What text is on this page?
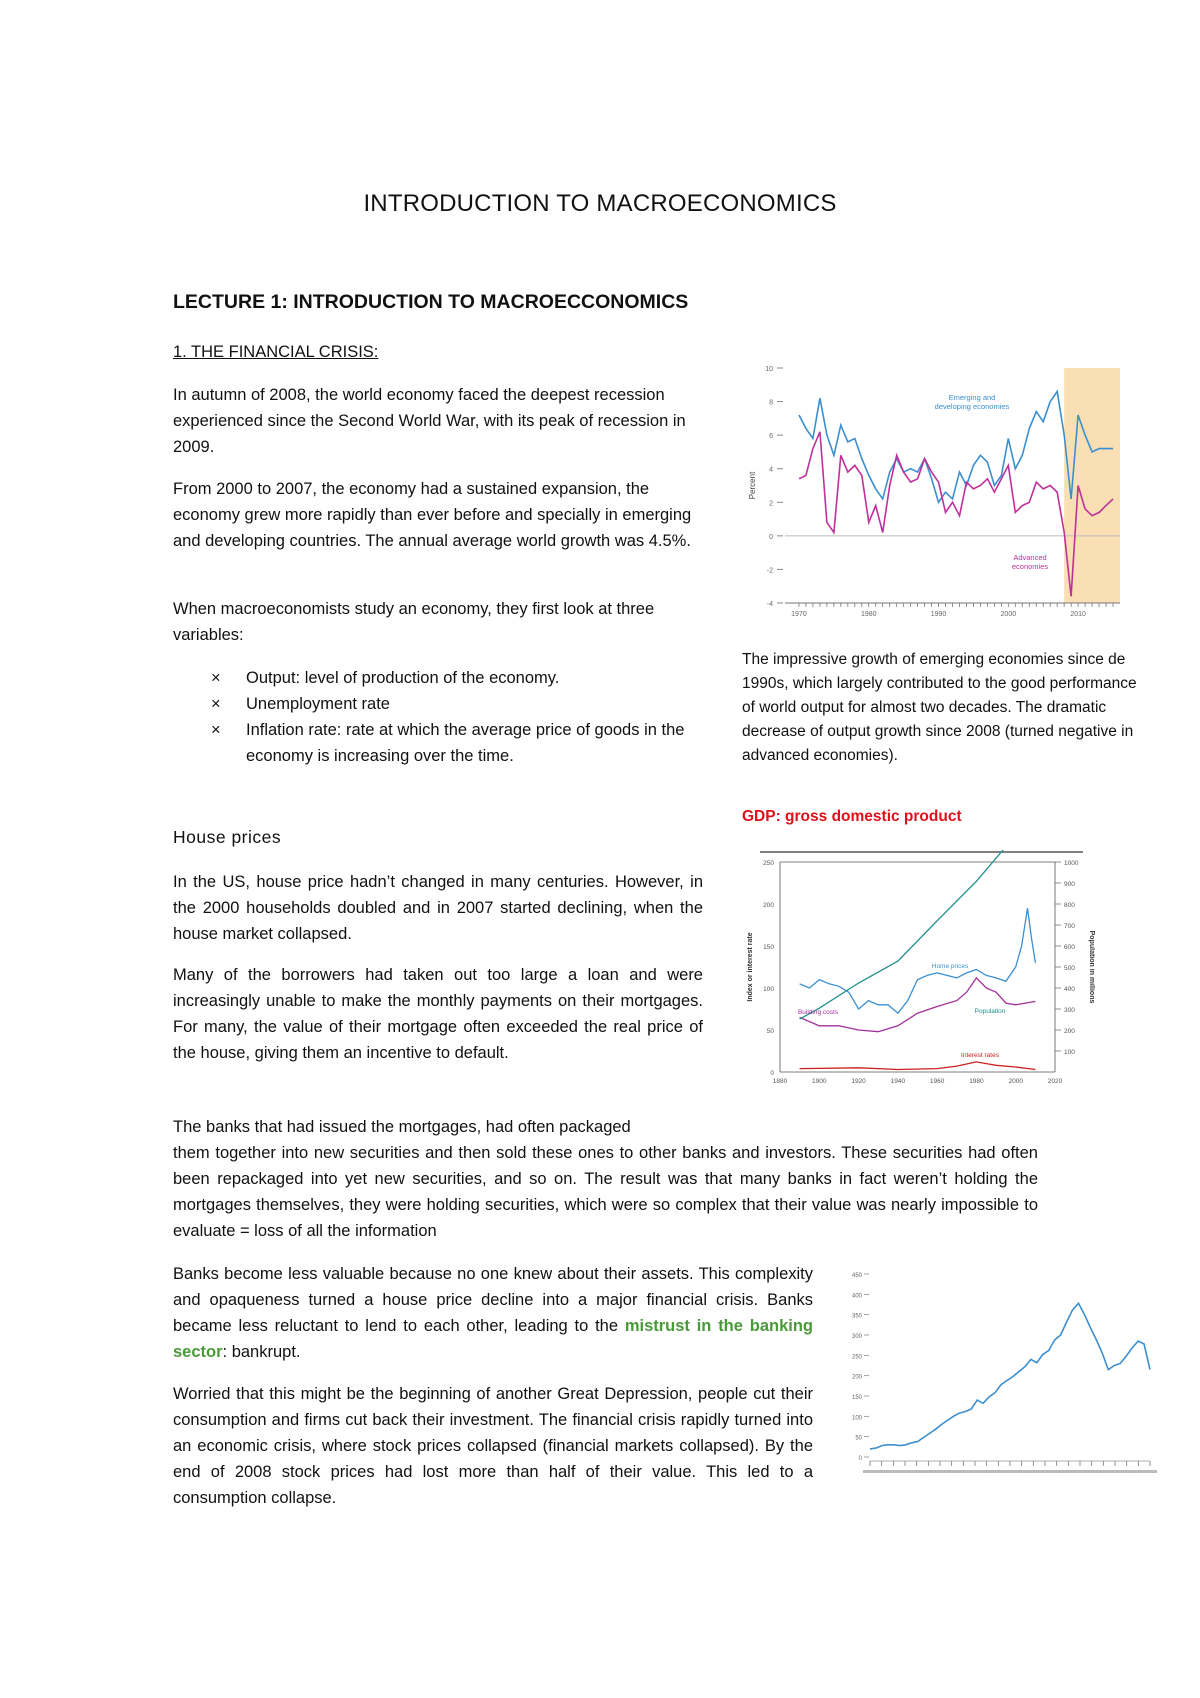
INTRODUCTION TO MACROECONOMICS
LECTURE 1: INTRODUCTION TO MACROECCONOMICS
1. THE FINANCIAL CRISIS:

In autumn of 2008, the world economy faced the deepest recession experienced since the Second World War, with its peak of recession in 2009.

From 2000 to 2007, the economy had a sustained expansion, the economy grew more rapidly than ever before and specially in emerging and developing countries. The annual average world growth was 4.5%.

When macroeconomists study an economy, they first look at three variables:

×	Output: level of production of the economy.
×	Unemployment rate
×	Inflation rate: rate at which the average price of goods in the economy is increasing over the time.
House prices

In the US, house price hadn’t changed in many centuries. However, in the 2000 households doubled and in 2007 started declining, when the house market collapsed.

Many of the borrowers had taken out too large a loan and were increasingly unable to make the monthly payments on their mortgages. For many, the value of their mortgage often exceeded the real price of the house, giving them an incentive to default.

The banks that had issued the mortgages, had often packaged

them together into new securities and then sold these ones to other banks and investors. These securities had often been repackaged into yet new securities, and so on. The result was that many banks in fact weren’t holding the mortgages themselves, they were holding securities, which were so complex that their value was nearly impossible to evaluate = loss of all the information

Banks become less valuable because no one knew about their assets. This complexity and opaqueness turned a house price decline into a major financial crisis. Banks became less reluctant to lend to each other, leading to the mistrust in the banking sector: bankrupt.

Worried that this might be the beginning of another Great Depression, people cut their consumption and firms cut back their investment. The financial crisis rapidly turned into an economic crisis, where stock prices collapsed (financial markets collapsed). By the end of 2008 stock prices had lost more than half of their value. This led to a consumption collapse.

The impressive growth of emerging economies since de 1990s, which largely contributed to the good performance of world output for almost two decades. The dramatic decrease of output growth since 2008 (turned negative in advanced economies).

GDP: gross domestic product
10
8
6
4
2
0
-2
-4
1970	1980	1990	2000	2010
Percent
Emerging and
developing economies
Advanced
economies
250
200
150
100
50
0
1000
900
800
700
600
500
400
300
200
100
1880	1900	1920	1940	1960	1980	2000	2020
Index or interest rate	Population in millions
Home prices
Building costs	Population
Interest rates
450
400
350
300
250
200
150
100
50
0
